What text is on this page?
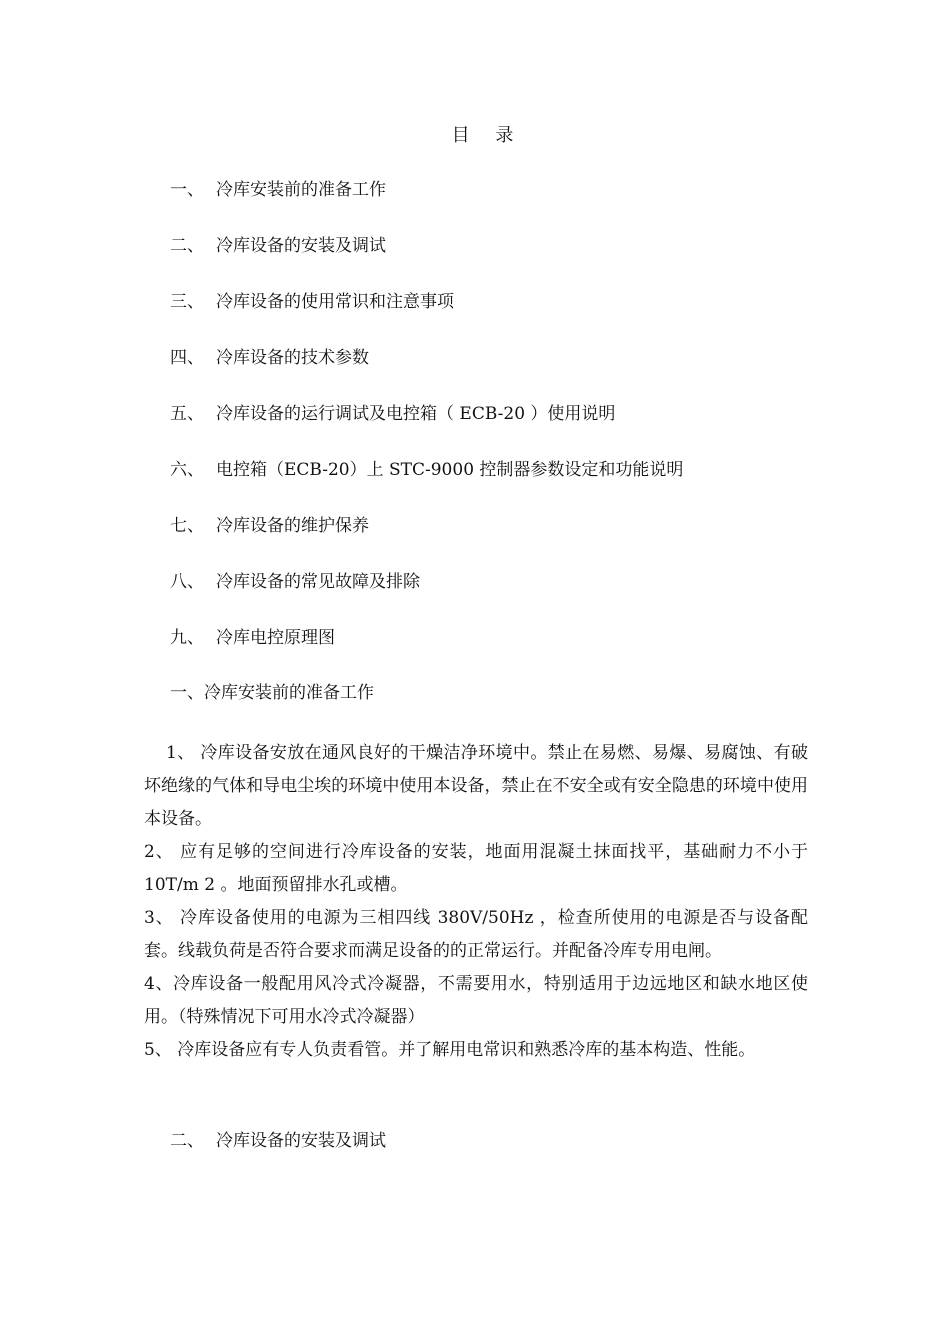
目 录
一、 冷库安装前的准备工作
二、 冷库设备的安装及调试
三、 冷库设备的使用常识和注意事项
四、 冷库设备的技术参数
五、 冷库设备的运行调试及电控箱（ ECB-20 ）使用说明
六、 电控箱（ECB-20）上 STC-9000 控制器参数设定和功能说明
七、 冷库设备的维护保养
八、 冷库设备的常见故障及排除
九、 冷库电控原理图
一、冷库安装前的准备工作

1、 冷库设备安放在通风良好的干燥洁净环境中。禁止在易燃、易爆、易腐蚀、有破坏绝缘的气体和导电尘埃的环境中使用本设备，禁止在不安全或有安全隐患的环境中使用本设备。

2、 应有足够的空间进行冷库设备的安装，地面用混凝土抹面找平，基础耐力不小于 10T/m 2 。地面预留排水孔或槽。

3、 冷库设备使用的电源为三相四线 380V/50Hz ，检查所使用的电源是否与设备配套。线载负荷是否符合要求而满足设备的的正常运行。并配备冷库专用电闸。

4、冷库设备一般配用风冷式冷凝器，不需要用水，特别适用于边远地区和缺水地区使用。（特殊情况下可用水冷式冷凝器）

5、 冷库设备应有专人负责看管。并了解用电常识和熟悉冷库的基本构造、性能。

二、 冷库设备的安装及调试
